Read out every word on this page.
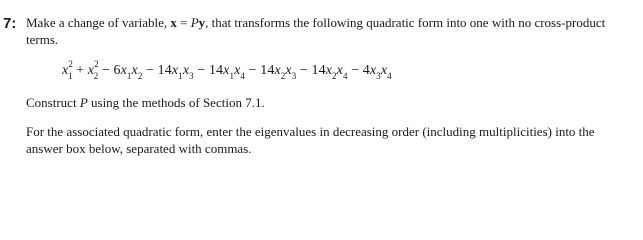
7: Make a change of variable, x = Py, that transforms the following quadratic form into one with no cross-product
terms.
$x^2_1 + x^2_2 - 6x_1x_2 - 14x_1x_3 - 14x_1x_4 - 14x_2x_3 - 14x_2x_4 - 4x_3x_4$
Construct P using the methods of Section 7.1.
For the associated quadratic form, enter the eigenvalues in decreasing order (including multiplicities) into the
answer box below, separated with commas.
